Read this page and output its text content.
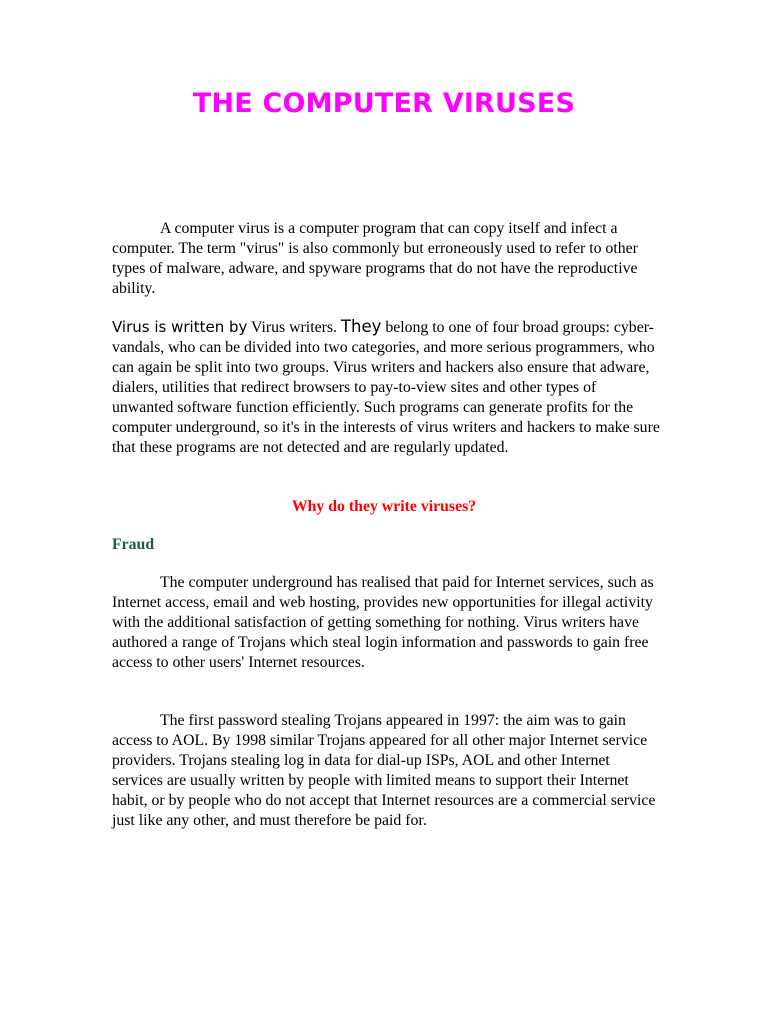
THE COMPUTER VIRUSES

A computer virus is a computer program that can copy itself and infect a computer. The term "virus" is also commonly but erroneously used to refer to other types of malware, adware, and spyware programs that do not have the reproductive ability.

Virus is written by Virus writers. They belong to one of four broad groups: cyber-vandals, who can be divided into two categories, and more serious programmers, who can again be split into two groups. Virus writers and hackers also ensure that adware, dialers, utilities that redirect browsers to pay-to-view sites and other types of unwanted software function efficiently. Such programs can generate profits for the computer underground, so it's in the interests of virus writers and hackers to make sure that these programs are not detected and are regularly updated.

Why do they write viruses?
Fraud

The computer underground has realised that paid for Internet services, such as Internet access, email and web hosting, provides new opportunities for illegal activity with the additional satisfaction of getting something for nothing. Virus writers have authored a range of Trojans which steal login information and passwords to gain free access to other users' Internet resources.

The first password stealing Trojans appeared in 1997: the aim was to gain access to AOL. By 1998 similar Trojans appeared for all other major Internet service providers. Trojans stealing log in data for dial-up ISPs, AOL and other Internet services are usually written by people with limited means to support their Internet habit, or by people who do not accept that Internet resources are a commercial service just like any other, and must therefore be paid for.
